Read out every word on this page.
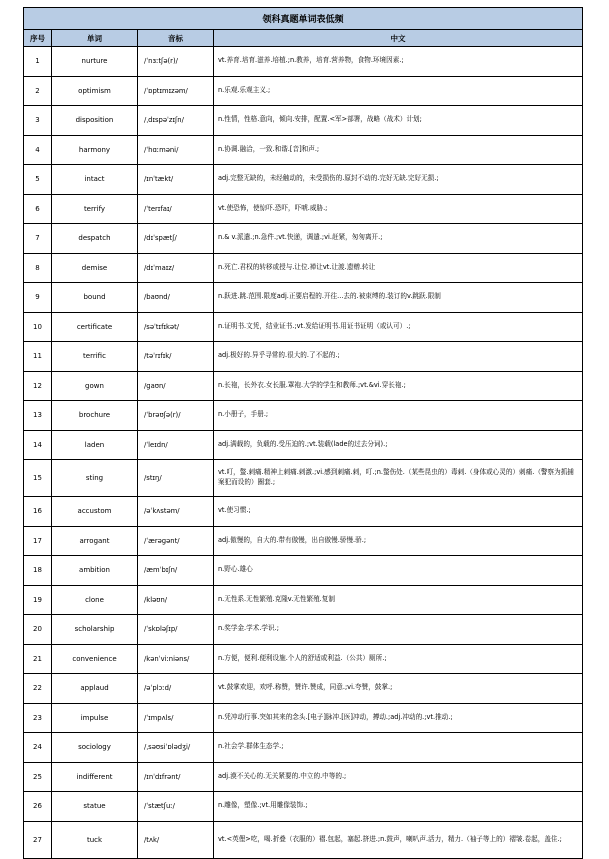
领科真题单词表低频			
序号	单词	音标	中文
1	nurture	/ˈnɜːtʃə(r)/	vt.养育.培育.滋养.培植.;n.教养，培育.营养物，食物.环境因素.;
2	optimism	/ˈɒptɪmɪzəm/	n.乐观.乐观主义.;
3	disposition	/ˌdɪspəˈzɪʃn/	n.性情，性格.意向，倾向.安排，配置.<军>部署，战略（战术）计划;
4	harmony	/ˈhɑːməni/	n.协调.融洽，一致.和谐.[音]和声.;
5	intact	/ɪnˈtækt/	adj.完整无缺的，未经触动的，未受损伤的.原封不动的.完好无缺.完好无损.;
6	terrify	/ˈterɪfaɪ/	vt.使恐怖，使惊吓.恐吓，吓唬.威胁.;
7	despatch	/dɪˈspætʃ/	n.& v.派遣.;n.急件.;vt.快递，调遣.;vi.赶紧，匆匆离开.;
8	demise	/dɪˈmaɪz/	n.死亡.君权的转移或授与.让位.禅让vt.让渡.遗赠.转让
9	bound	/baʊnd/	n.跃进.跳.范围.限度adj.正要启程的.开往...去的.被束缚的.装订的v.跳跃.限制
10	certificate	/səˈtɪfɪkət/	n.证明书.文凭，结业证书.;vt.发给证明书.用证书证明（或认可）.;
11	terrific	/təˈrɪfɪk/	adj.极好的.异乎寻常的.很大的.了不起的.;
12	gown	/ɡaʊn/	n.长袍，长外衣.女长服.罩袍.大学的学生和教师.;vt.&vi.穿长袍.;
13	brochure	/ˈbrəʊʃə(r)/	n.小册子，手册.;
14	laden	/ˈleɪdn/	adj.满载的，负载的.受压迫的.;vt.装载(lade的过去分词).;
15	sting	/stɪŋ/	vt.叮，螫.刺痛.精神上刺痛.刺激.;vi.感到刺痛.刺，叮.;n.螫伤处.（某些昆虫的）毒刺.（身体或心灵的）刺痛.（警察为抓捕案犯而设的）圈套.;
16	accustom	/əˈkʌstəm/	vt.使习惯.;
17	arrogant	/ˈærəɡənt/	adj.傲慢的，自大的.带有傲慢，出自傲慢.骄慢.骄.;
18	ambition	/æmˈbɪʃn/	n.野心.雄心
19	clone	/kləʊn/	n.无性系.无性繁殖.克隆v.无性繁殖.复制
20	scholarship	/ˈskɒləʃɪp/	n.奖学金.学术.学识.;
21	convenience	/kənˈviːniəns/	n.方便，便利.便利设施.个人的舒适或利益.（公共）厕所.;
22	applaud	/əˈplɔːd/	vt.鼓掌欢迎，欢呼.称赞，赞许.赞成，同意.;vi.夸赞，鼓掌.;
23	impulse	/ˈɪmpʌls/	n.凭冲动行事.突如其来的念头.[电子]脉冲.[医]冲动，搏动.;adj.冲动的.;vt.推动.;
24	sociology	/ˌsəʊsiˈɒlədʒi/	n.社会学.群体生态学.;
25	indifferent	/ɪnˈdɪfrənt/	adj.漠不关心的.无关紧要的.中立的.中等的.;
26	statue	/ˈstætʃuː/	n.雕像，塑像.;vt.用雕像装饰.;
27	tuck	/tʌk/	vt.<英俚>吃，喝.折叠（衣服的）褶.包起，塞起.挤进.;n.鼓声，喇叭声.活力，精力.（袖子等上的）褶皱.卷起，盖住.;
